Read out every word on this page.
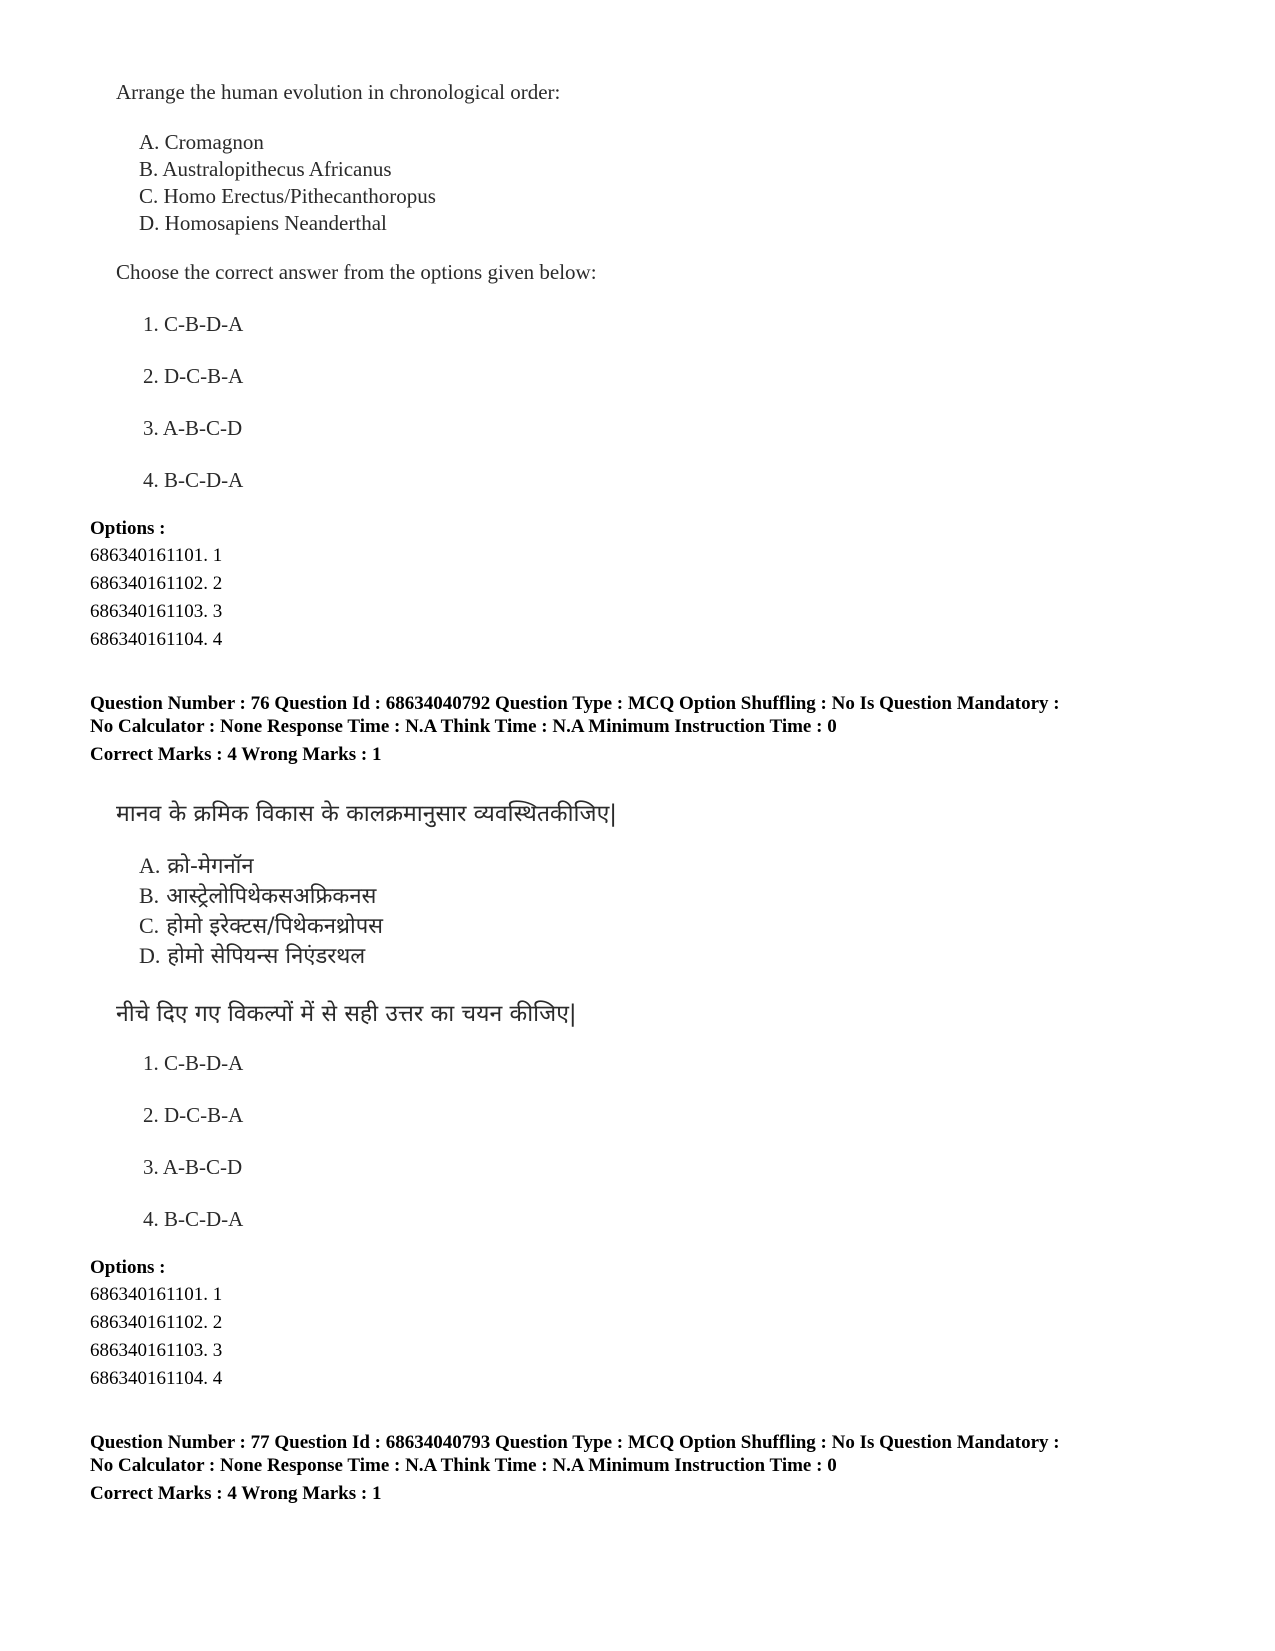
Arrange the human evolution in chronological order:
A. Cromagnon
B. Australopithecus Africanus
C. Homo Erectus/Pithecanthoropus
D. Homosapiens Neanderthal
Choose the correct answer from the options given below:
1. C-B-D-A
2. D-C-B-A
3. A-B-C-D
4. B-C-D-A
Options :
686340161101. 1
686340161102. 2
686340161103. 3
686340161104. 4
Question Number : 76 Question Id : 68634040792 Question Type : MCQ Option Shuffling : No Is Question Mandatory :
No Calculator : None Response Time : N.A Think Time : N.A Minimum Instruction Time : 0
Correct Marks : 4 Wrong Marks : 1
मानव के क्रमिक विकास के कालक्रमानुसार व्यवस्थितकीजिए|
A. क्रो-मेगनॉन
B. आस्ट्रेलोपिथेकसअफ्रिकनस
C. होमो इरेक्टस/पिथेकनथ्रोपस
D. होमो सेपियन्स निएंडरथल
नीचे दिए गए विकल्पों में से सही उत्तर का चयन कीजिए|
1. C-B-D-A
2. D-C-B-A
3. A-B-C-D
4. B-C-D-A
Options :
686340161101. 1
686340161102. 2
686340161103. 3
686340161104. 4
Question Number : 77 Question Id : 68634040793 Question Type : MCQ Option Shuffling : No Is Question Mandatory :
No Calculator : None Response Time : N.A Think Time : N.A Minimum Instruction Time : 0
Correct Marks : 4 Wrong Marks : 1
